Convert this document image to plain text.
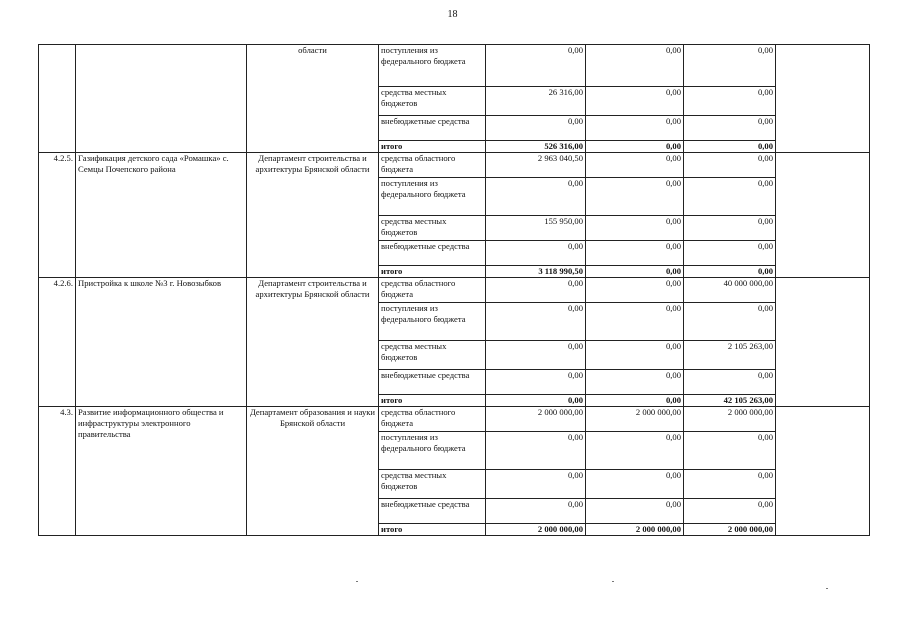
18
		области	поступления из федерального бюджета	0,00	0,00	0,00	
			средства местных бюджетов	26 316,00	0,00	0,00	
			внебюджетные средства	0,00	0,00	0,00	
			итого	526 316,00	0,00	0,00	
4.2.5.	Газификация детского сада «Ромашка» с. Семцы Почепского района	Департамент строительства и архитектуры Брянской области	средства областного бюджета	2 963 040,50	0,00	0,00	
			поступления из федерального бюджета	0,00	0,00	0,00	
			средства местных бюджетов	155 950,00	0,00	0,00	
			внебюджетные средства	0,00	0,00	0,00	
			итого	3 118 990,50	0,00	0,00	
4.2.6.	Пристройка к школе №3 г. Новозыбков	Департамент строительства и архитектуры Брянской области	средства областного бюджета	0,00	0,00	40 000 000,00	
			поступления из федерального бюджета	0,00	0,00	0,00	
			средства местных бюджетов	0,00	0,00	2 105 263,00	
			внебюджетные средства	0,00	0,00	0,00	
			итого	0,00	0,00	42 105 263,00	
4.3.	Развитие информационного общества и инфраструктуры электронного правительства	Департамент образования и науки Брянской области	средства областного бюджета	2 000 000,00	2 000 000,00	2 000 000,00	
			поступления из федерального бюджета	0,00	0,00	0,00	
			средства местных бюджетов	0,00	0,00	0,00	
			внебюджетные средства	0,00	0,00	0,00	
			итого	2 000 000,00	2 000 000,00	2 000 000,00	
